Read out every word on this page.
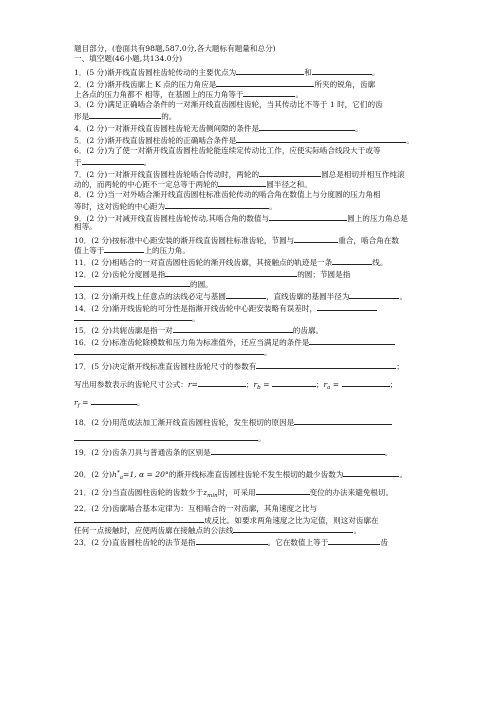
题目部分，(卷面共有98题,587.0分,各大题标有题量和总分)
一、填空题(46小题,共134.0分)
1．(5 分)渐开线直齿圆柱齿轮传动的主要优点为	和	。
2．(2 分)渐开线齿廓上 K 点的压力角应是	所夹的锐角，齿廓
上各点的压力角都不 相等，在基圆上的压力角等于	。
3．(2 分)满足正确啮合条件的一对渐开线直齿圆柱齿轮，当其传动比不等于 1 时，它们的齿
形是	的。
4．(2 分)一对渐开线直齿圆柱齿轮无齿侧间隙的条件是	。
5．(2 分)渐开线直齿圆柱齿轮的正确啮合条件是	。
6．(2 分)为了使一对渐开线直齿圆柱齿轮能连续定传动比工作，应使实际啮合线段大于或等
于	。
7．(2 分)一对渐开线直齿圆柱齿轮啮合传动时，两轮的	圆总是相切并相互作纯滚
动的，而两轮的中心距不一定总等于两轮的	圆半径之和。
8．(2 分)当一对外啮合渐开线直齿圆柱标准齿轮传动的啮合角在数值上与分度圆的压力角相
等时，这对齿轮的中心距为	。
9．(2 分)一对减开线直齿圆柱齿轮传动,其啮合角的数值与	圆上的压力角总是
相等。
10．(2 分)按标准中心距安装的渐开线直齿圆柱标准齿轮，节圆与	重合，啮合角在数
值上等于	上的压力角。
11．(2 分)相啮合的一对直齿圆柱齿轮的渐开线齿廓，其接触点的轨迹是一条	线。
12．(2 分)齿轮分度圆是指	的圆；节圆是指
的圆。
13．(2 分)渐开线上任意点的法线必定与基圆	，直线齿廓的基圆半径为	。
14．(2 分)渐开线齿轮的可分性是指渐开线齿轮中心距安装略有误差时，
。
15．(2 分)共轭齿廓是指一对	的齿廓。
16．(2 分)标准齿轮除模数和压力角为标准值外，还应当满足的条件是
。
17．(5 分)决定渐开线标准直齿圆柱齿轮尺寸的参数有	；
写出用参数表示的齿轮尺寸公式：r=	；$r_b$ =	；$r_a$ =	；
$r_f$ =	。
18．(2 分)用范成法加工渐开线直齿圆柱齿轮，发生根切的原因是
。
19．(2 分)齿条刀具与普通齿条的区别是	。
20．(2 分)$h^*_a=1$, α = 20°的渐开线标准直齿圆柱齿轮不发生根切的最少齿数为	。
21．(2 分)当直齿圆柱齿轮的齿数少于$z_{min}$时，可采用	变位的办法来避免根切。
22．(2 分)齿廓啮合基本定律为：互相啮合的一对齿廓，其角速度之比与
成反比。如要求两角速度之比为定值，则这对齿廓在
任何一点接触时，应使两齿廓在接触点的公法线	。
23．(2 分)直齿圆柱齿轮的法节是指	。它在数值上等于	齿
